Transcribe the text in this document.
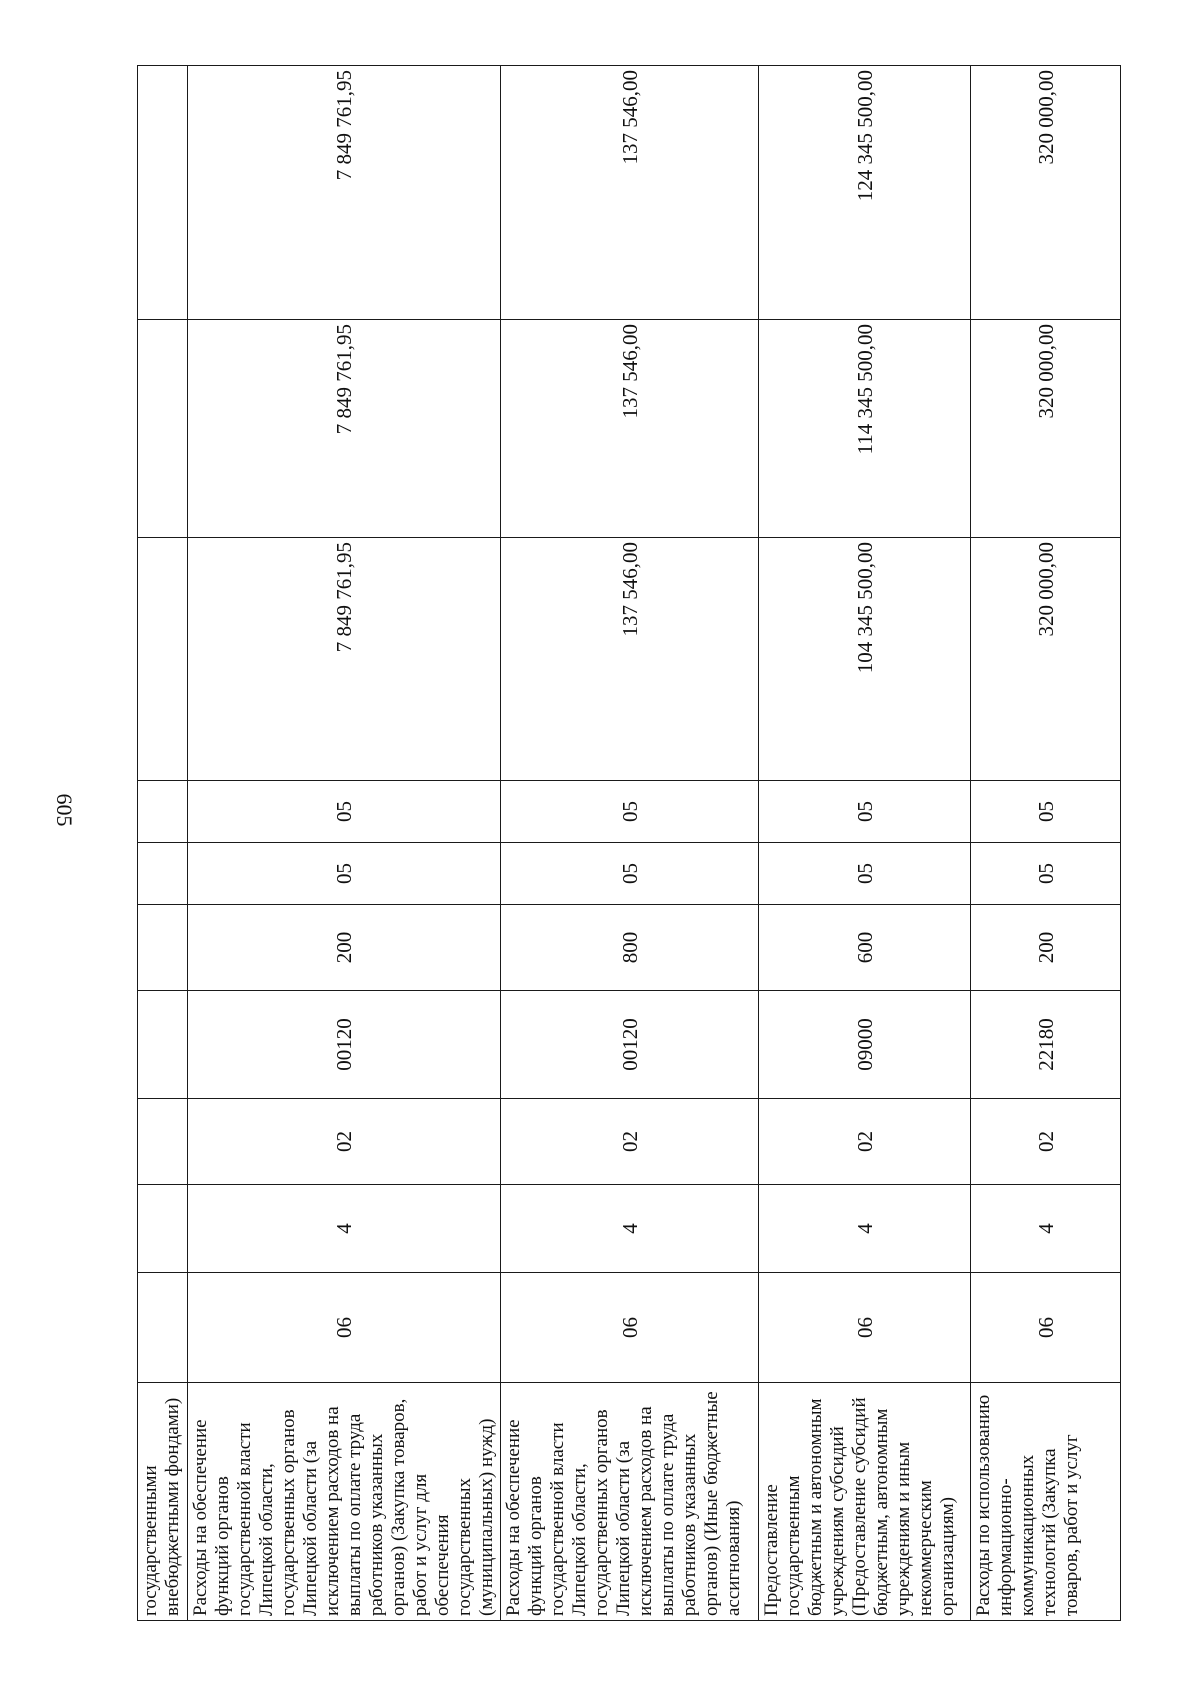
605
государственными внебюджетными фондами)										
Расходы на обеспечение функций органов государственной власти Липецкой области, государственных органов Липецкой области (за исключением расходов на выплаты по оплате труда работников указанных органов) (Закупка товаров, работ и услуг для обеспечения государственных (муниципальных) нужд)	06	4	02	00120	200	05	05	7 849 761,95	7 849 761,95	7 849 761,95
Расходы на обеспечение функций органов государственной власти Липецкой области, государственных органов Липецкой области (за исключением расходов на выплаты по оплате труда работников указанных органов) (Иные бюджетные ассигнования)	06	4	02	00120	800	05	05	137 546,00	137 546,00	137 546,00
Предоставление государственным бюджетным и автономным учреждениям субсидий (Предоставление субсидий бюджетным, автономным учреждениям и иным некоммерческим организациям)	06	4	02	09000	600	05	05	104 345 500,00	114 345 500,00	124 345 500,00
Расходы по использованию информационно-коммуникационных технологий (Закупка товаров, работ и услуг	06	4	02	22180	200	05	05	320 000,00	320 000,00	320 000,00
